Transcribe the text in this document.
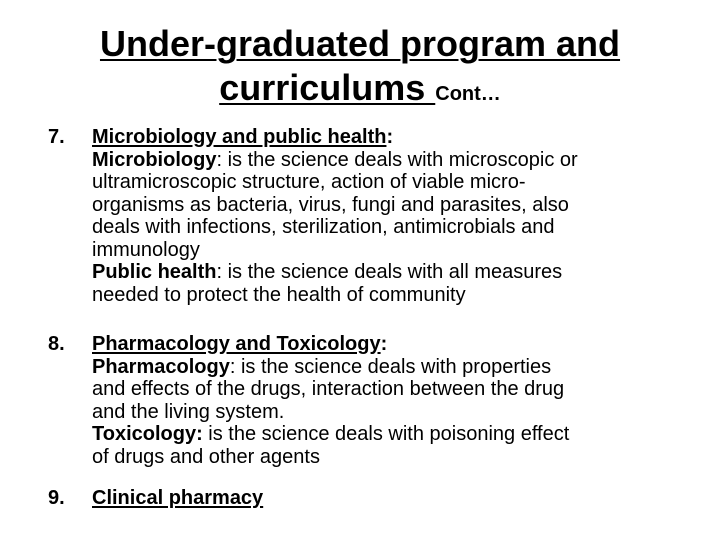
Under-graduated program and
curriculums Cont…
7.	Microbiology and public health:

Microbiology: is the science deals with microscopic or

ultramicroscopic structure, action of viable micro-

organisms as bacteria, virus, fungi and parasites, also

deals with infections, sterilization, antimicrobials and

immunology

Public health: is the science deals with all measures

needed to protect the health of community

8.	Pharmacology and Toxicology:

Pharmacology: is the science deals with properties

and effects of the drugs, interaction between the drug

and the living system.

Toxicology: is the science deals with poisoning effect

of drugs and other agents

9.	Clinical pharmacy
